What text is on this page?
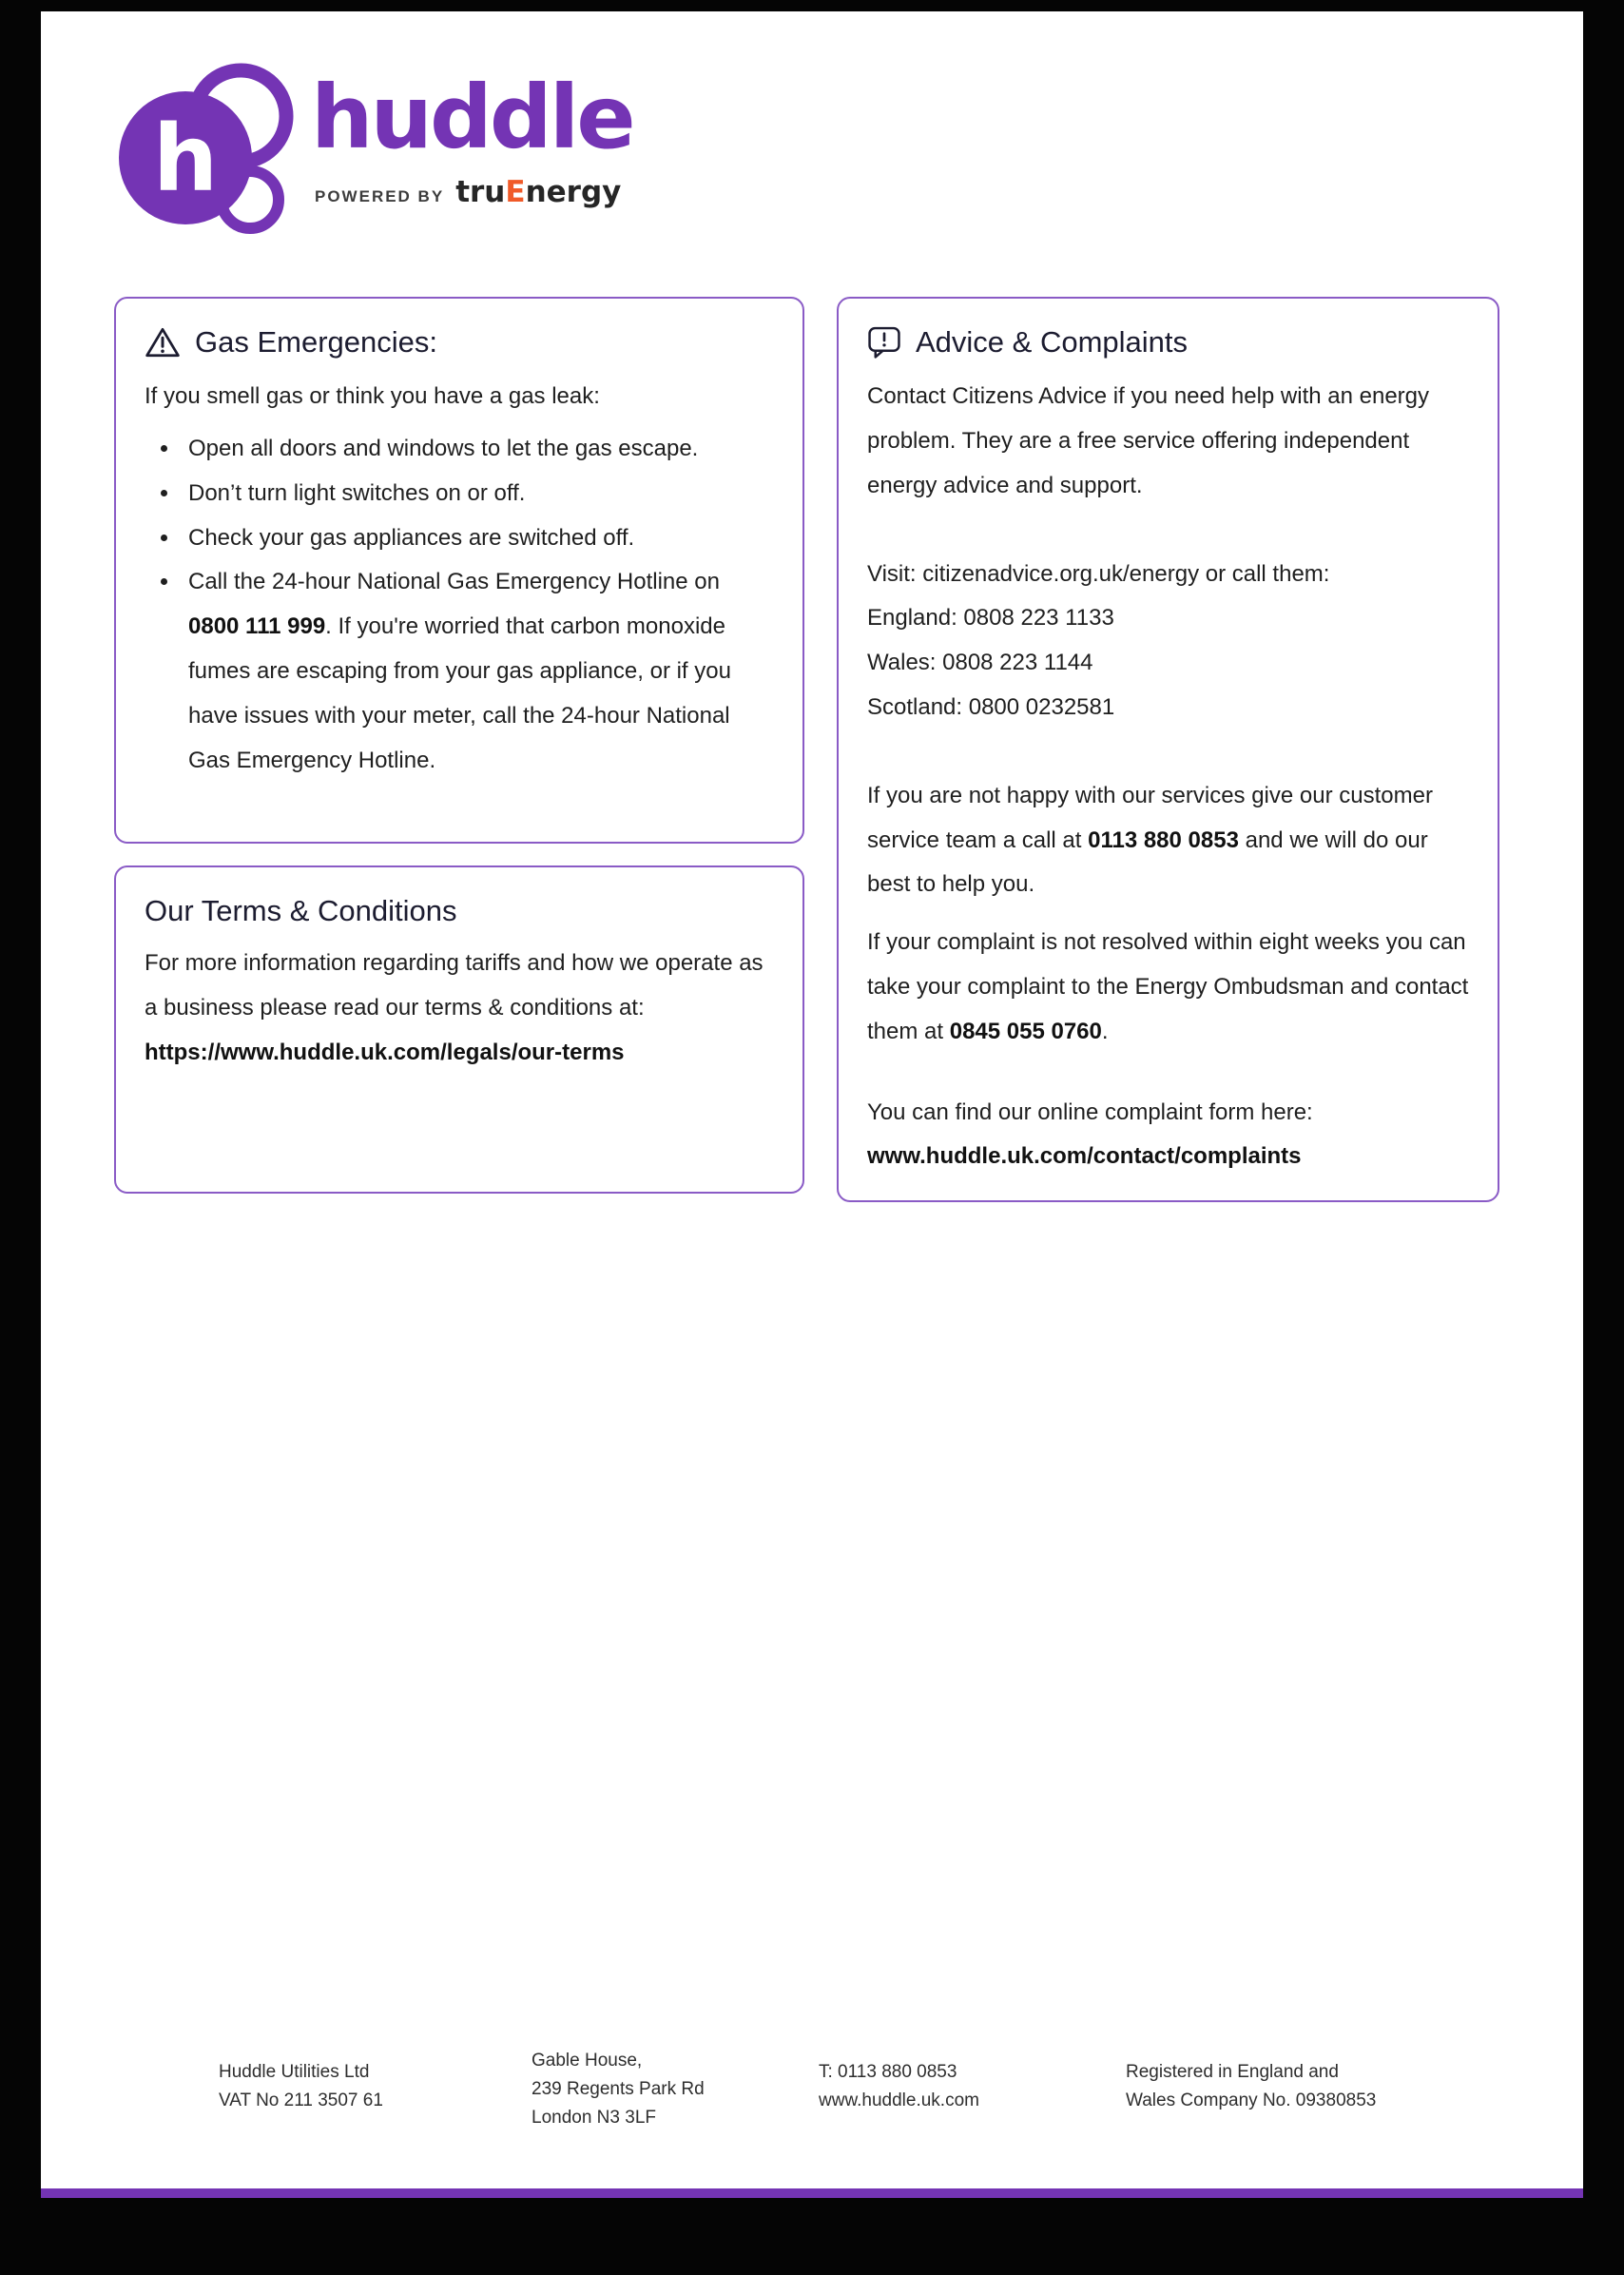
h huddle
POWERED BY truEnergy
Gas Emergencies:

If you smell gas or think you have a gas leak:

• Open all doors and windows to let the gas escape.
• Don’t turn light switches on or off.
• Check your gas appliances are switched off.
• Call the 24-hour National Gas Emergency Hotline on 0800 111 999. If you're worried that carbon monoxide fumes are escaping from your gas appliance, or if you have issues with your meter, call the 24-hour National Gas Emergency Hotline.
Our Terms & Conditions

For more information regarding tariffs and how we operate as a business please read our terms & conditions at: https://www.huddle.uk.com/legals/our-terms

Advice & Complaints

Contact Citizens Advice if you need help with an energy problem. They are a free service offering independent energy advice and support.

Visit: citizenadvice.org.uk/energy or call them:

England: 0808 223 1133

Wales: 0808 223 1144

Scotland: 0800 0232581

If you are not happy with our services give our customer service team a call at 0113 880 0853 and we will do our best to help you.

If your complaint is not resolved within eight weeks you can take your complaint to the Energy Ombudsman and contact them at 0845 055 0760.

You can find our online complaint form here:

www.huddle.uk.com/contact/complaints

Huddle Utilities Ltd
VAT No 211 3507 61
Gable House,
239 Regents Park Rd
London N3 3LF
T: 0113 880 0853
www.huddle.uk.com
Registered in England and
Wales Company No. 09380853
